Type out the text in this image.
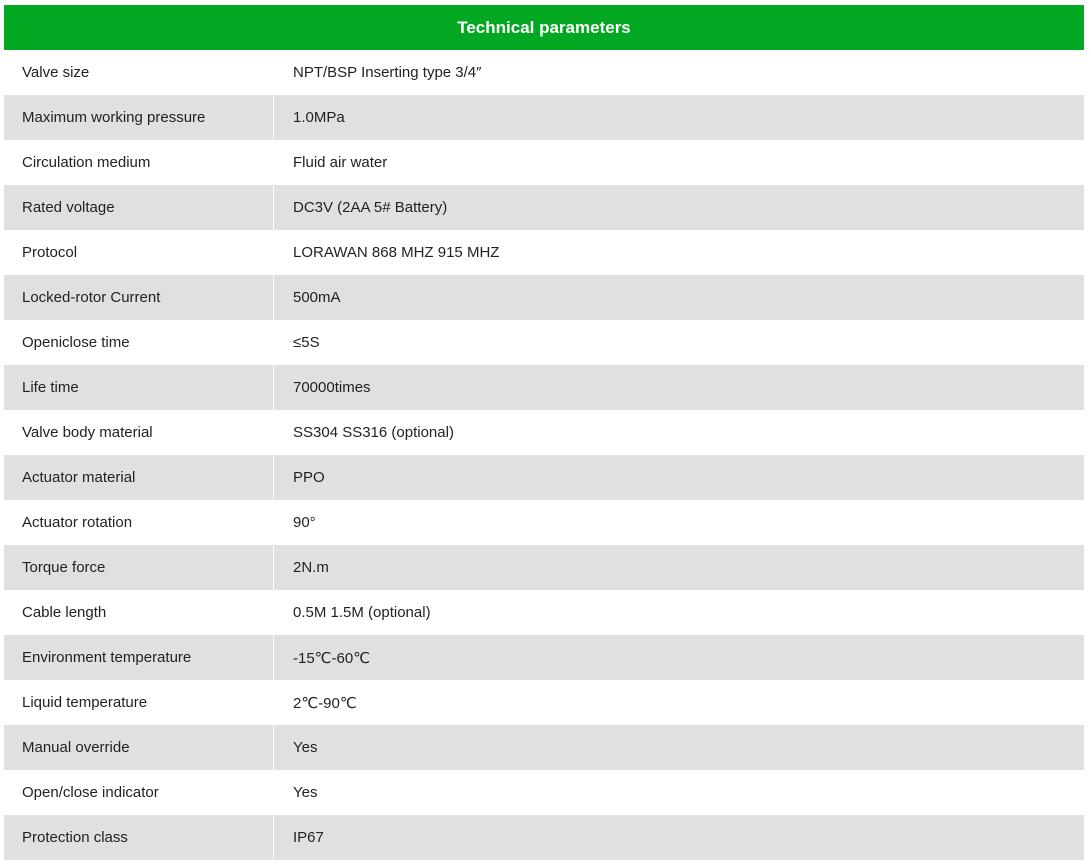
Technical parameters
Valve size	NPT/BSP Inserting type 3/4″
Maximum working pressure	1.0MPa
Circulation medium	Fluid air water
Rated voltage	DC3V (2AA 5# Battery)
Protocol	LORAWAN 868 MHZ 915 MHZ
Locked-rotor Current	500mA
Openiclose time	≤5S
Life time	70000times
Valve body material	SS304 SS316 (optional)
Actuator material	PPO
Actuator rotation	90°
Torque force	2N.m
Cable length	0.5M 1.5M (optional)
Environment temperature	-15℃-60℃
Liquid temperature	2℃-90℃
Manual override	Yes
Open/close indicator	Yes
Protection class	IP67
